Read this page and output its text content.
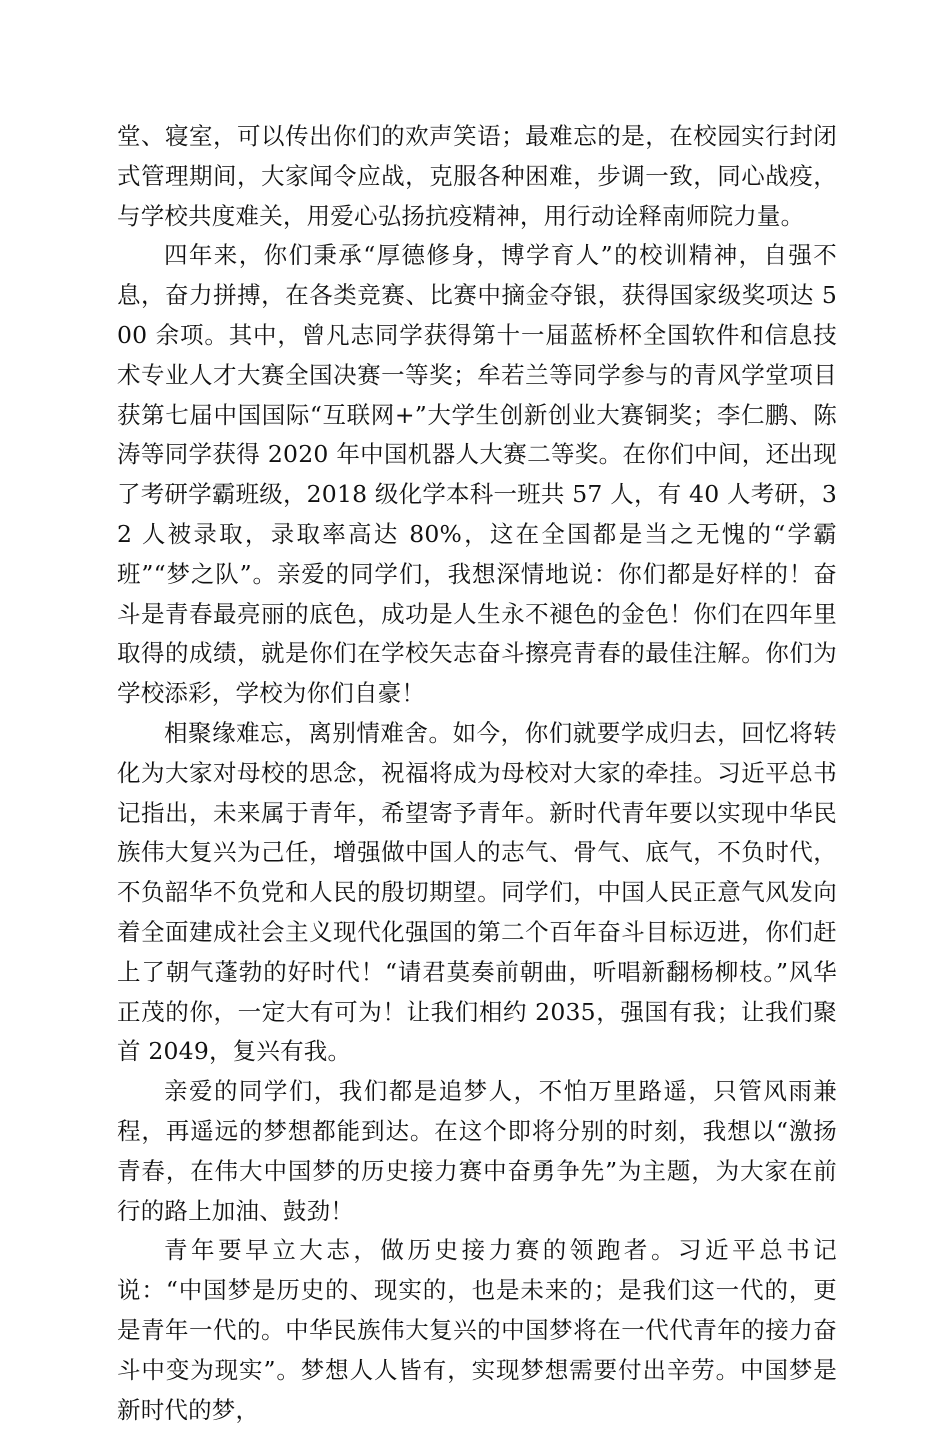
堂、寝室，可以传出你们的欢声笑语；最难忘的是，在校园实行封闭式管理期间，大家闻令应战，克服各种困难，步调一致，同心战疫，与学校共度难关，用爱心弘扬抗疫精神，用行动诠释南师院力量。

四年来，你们秉承“厚德修身，博学育人”的校训精神，自强不息，奋力拼搏，在各类竞赛、比赛中摘金夺银，获得国家级奖项达 500 余项。其中，曾凡志同学获得第十一届蓝桥杯全国软件和信息技术专业人才大赛全国决赛一等奖；牟若兰等同学参与的青风学堂项目获第七届中国国际“互联网+”大学生创新创业大赛铜奖；李仁鹏、陈涛等同学获得 2020 年中国机器人大赛二等奖。在你们中间，还出现了考研学霸班级，2018 级化学本科一班共 57 人，有 40 人考研，32 人被录取，录取率高达 80%，这在全国都是当之无愧的“学霸班”“梦之队”。亲爱的同学们，我想深情地说：你们都是好样的！奋斗是青春最亮丽的底色，成功是人生永不褪色的金色！你们在四年里取得的成绩，就是你们在学校矢志奋斗擦亮青春的最佳注解。你们为学校添彩，学校为你们自豪！

相聚缘难忘，离别情难舍。如今，你们就要学成归去，回忆将转化为大家对母校的思念，祝福将成为母校对大家的牵挂。习近平总书记指出，未来属于青年，希望寄予青年。新时代青年要以实现中华民族伟大复兴为己任，增强做中国人的志气、骨气、底气，不负时代，不负韶华不负党和人民的殷切期望。同学们，中国人民正意气风发向着全面建成社会主义现代化强国的第二个百年奋斗目标迈进，你们赶上了朝气蓬勃的好时代！“请君莫奏前朝曲，听唱新翻杨柳枝。”风华正茂的你，一定大有可为！让我们相约 2035，强国有我；让我们聚首 2049，复兴有我。

亲爱的同学们，我们都是追梦人，不怕万里路遥，只管风雨兼程，再遥远的梦想都能到达。在这个即将分别的时刻，我想以“激扬青春，在伟大中国梦的历史接力赛中奋勇争先”为主题，为大家在前行的路上加油、鼓劲！

青年要早立大志，做历史接力赛的领跑者。习近平总书记说：“中国梦是历史的、现实的，也是未来的；是我们这一代的，更是青年一代的。中华民族伟大复兴的中国梦将在一代代青年的接力奋斗中变为现实”。梦想人人皆有，实现梦想需要付出辛劳。中国梦是新时代的梦，
